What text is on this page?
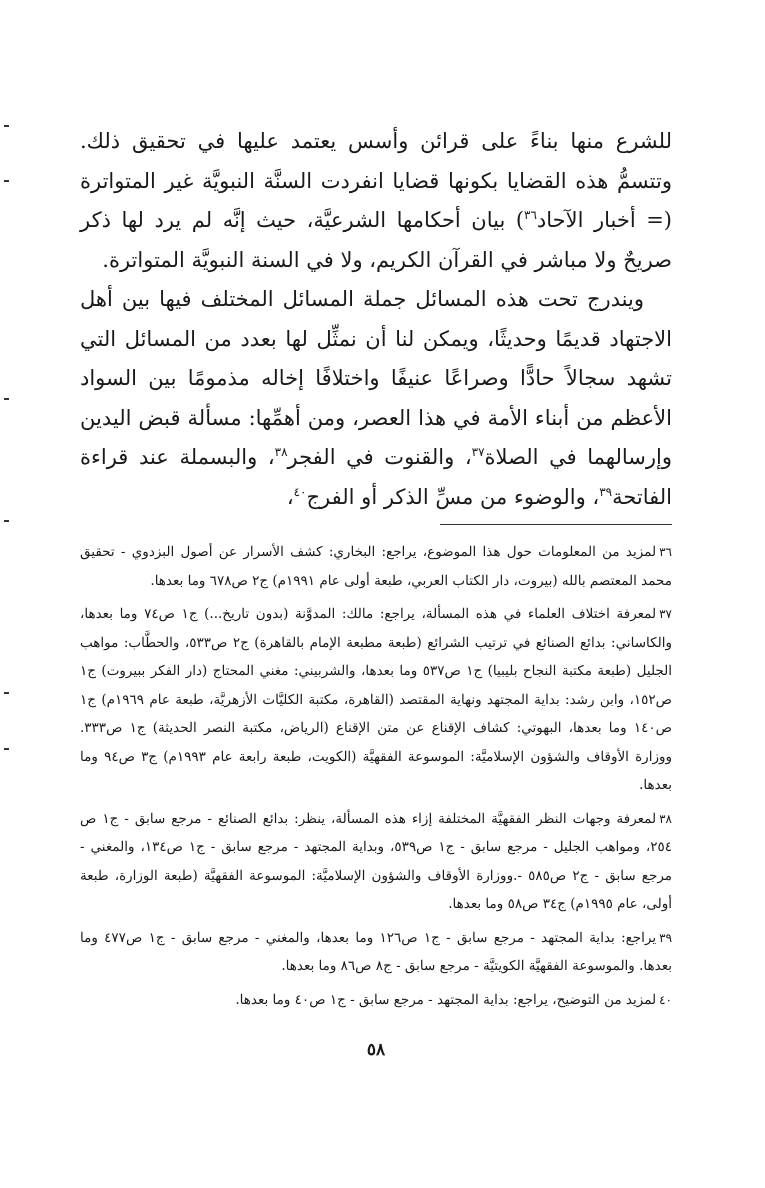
للشرع منها بناءً على قرائن وأسس يعتمد عليها في تحقيق ذلك. وتتسمُّ هذه القضايا بكونها قضايا انفردت السنَّة النبويَّة غير المتواترة (= أخبار الآحاد$^{٣٦}$) بيان أحكامها الشرعيَّة، حيث إنَّه لم يرد لها ذكر صريحٌ ولا مباشر في القرآن الكريم، ولا في السنة النبويَّة المتواترة.

ويندرج تحت هذه المسائل جملة المسائل المختلف فيها بين أهل الاجتهاد قديمًا وحديثًا، ويمكن لنا أن نمثِّل لها بعدد من المسائل التي تشهد سجالاً حادًّا وصراعًا عنيفًا واختلافًا إخاله مذمومًا بين السواد الأعظم من أبناء الأمة في هذا العصر، ومن أهمِّها: مسألة قبض اليدين وإرسالهما في الصلاة$^{٣٧}$، والقنوت في الفجر$^{٣٨}$، والبسملة عند قراءة الفاتحة$^{٣٩}$، والوضوء من مسِّ الذكر أو الفرج$^{٤٠}$،

٣٦لمزيد من المعلومات حول هذا الموضوع، يراجع: البخاري: كشف الأسرار عن أصول البزدوي - تحقيق محمد المعتصم بالله (بيروت، دار الكتاب العربي، طبعة أولى عام ١٩٩١م) ج٢ ص٦٧٨ وما بعدها.

٣٧لمعرفة اختلاف العلماء في هذه المسألة، يراجع: مالك: المدوَّنة (بدون تاريخ...) ج١ ص٧٤ وما بعدها، والكاساني: بدائع الصنائع في ترتيب الشرائع (طبعة مطبعة الإمام بالقاهرة) ج٢ ص٥٣٣، والحطَّاب: مواهب الجليل (طبعة مكتبة النجاح بليبيا) ج١ ص٥٣٧ وما بعدها، والشربيني: مغني المحتاج (دار الفكر ببيروت) ج١ ص١٥٢، وابن رشد: بداية المجتهد ونهاية المقتصد (القاهرة، مكتبة الكليَّات الأزهريَّة، طبعة عام ١٩٦٩م) ج١ ص١٤٠ وما بعدها، البهوتي: كشاف الإقناع عن متن الإقناع (الرياض، مكتبة النصر الحديثة) ج١ ص٣٣٣. ووزارة الأوقاف والشؤون الإسلاميَّة: الموسوعة الفقهيَّة (الكويت، طبعة رابعة عام ١٩٩٣م) ج٣ ص٩٤ وما بعدها.

٣٨لمعرفة وجهات النظر الفقهيَّة المختلفة إزاء هذه المسألة، ينظر: بدائع الصنائع - مرجع سابق - ج١ ص ٢٥٤، ومواهب الجليل - مرجع سابق - ج١ ص٥٣٩، وبداية المجتهد - مرجع سابق - ج١ ص١٣٤، والمغني - مرجع سابق - ج٢ ص٥٨٥ -.ووزارة الأوقاف والشؤون الإسلاميَّة: الموسوعة الفقهيَّة (طبعة الوزارة، طبعة أولى، عام ١٩٩٥م) ج٣٤ ص٥٨ وما بعدها.

٣٩يراجع: بداية المجتهد - مرجع سابق - ج١ ص١٢٦ وما بعدها، والمغني - مرجع سابق - ج١ ص٤٧٧ وما بعدها. والموسوعة الفقهيَّة الكويتيَّة - مرجع سابق - ج٨ ص٨٦ وما بعدها.

٤٠لمزيد من التوضيح، يراجع: بداية المجتهد - مرجع سابق - ج١ ص٤٠ وما بعدها.

٥٨
